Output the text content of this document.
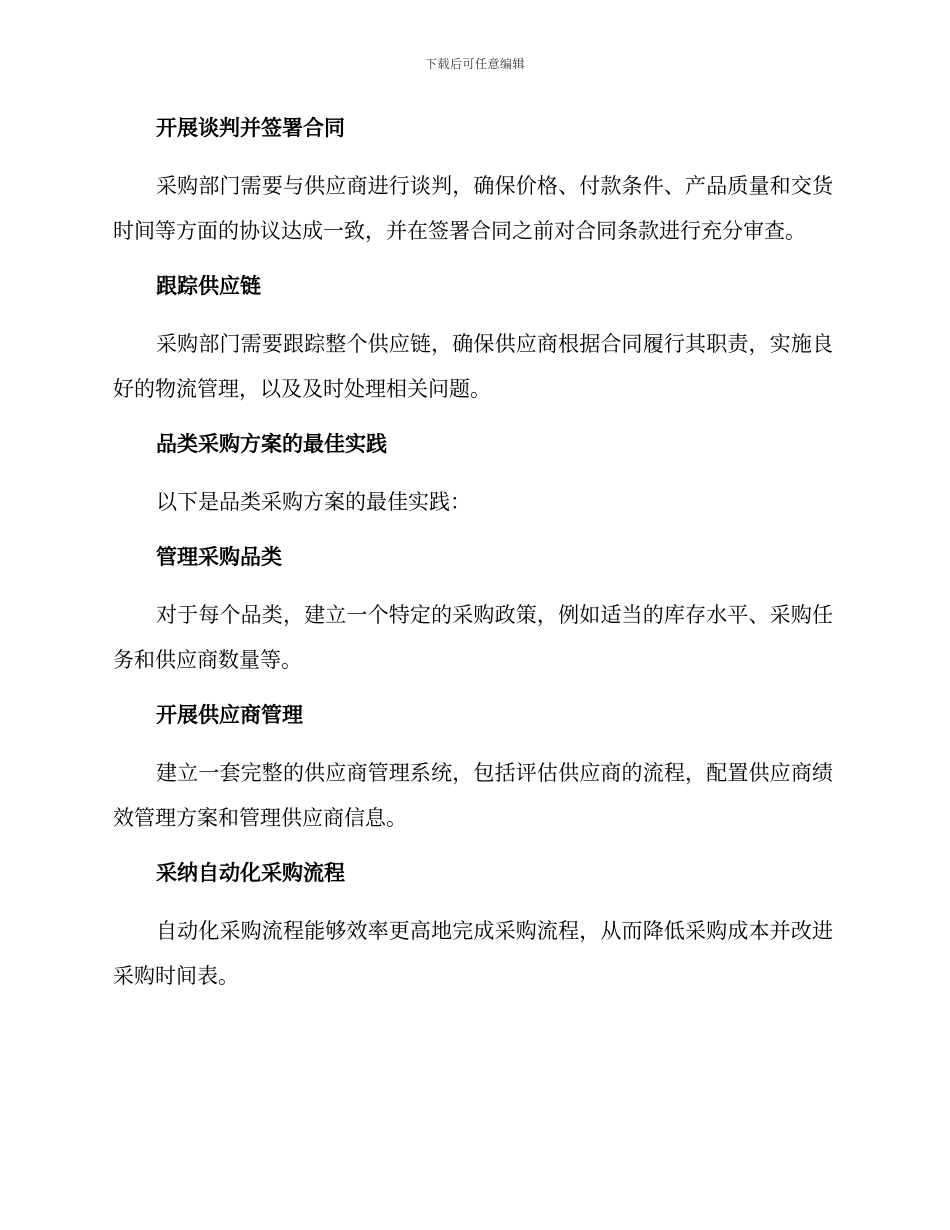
下载后可任意编辑
开展谈判并签署合同

采购部门需要与供应商进行谈判，确保价格、付款条件、产品质量和交货时间等方面的协议达成一致，并在签署合同之前对合同条款进行充分审查。

跟踪供应链

采购部门需要跟踪整个供应链，确保供应商根据合同履行其职责，实施良好的物流管理，以及及时处理相关问题。

品类采购方案的最佳实践

以下是品类采购方案的最佳实践：

管理采购品类

对于每个品类，建立一个特定的采购政策，例如适当的库存水平、采购任务和供应商数量等。

开展供应商管理

建立一套完整的供应商管理系统，包括评估供应商的流程，配置供应商绩效管理方案和管理供应商信息。

采纳自动化采购流程

自动化采购流程能够效率更高地完成采购流程，从而降低采购成本并改进采购时间表。
